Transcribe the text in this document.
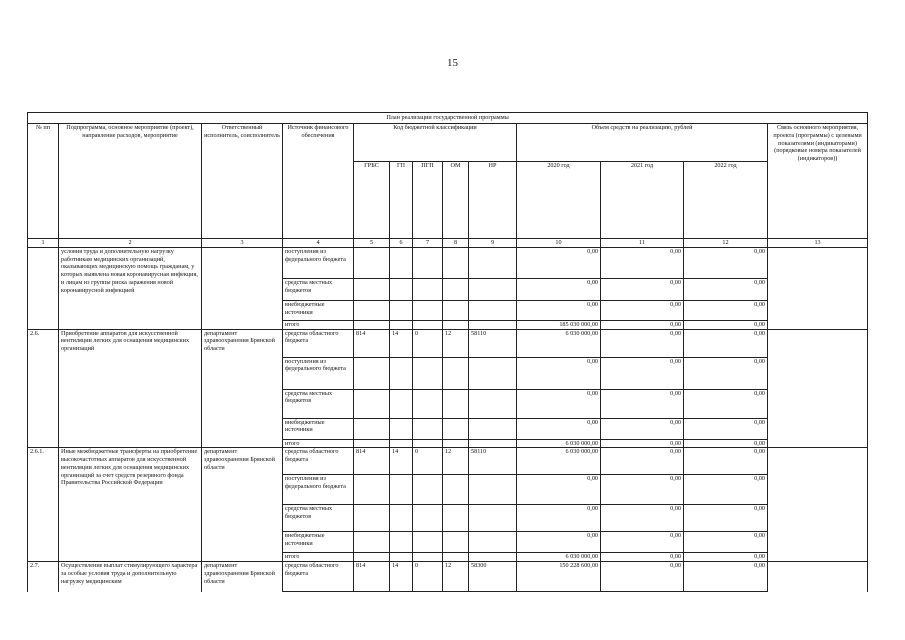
15
План реализации государственной программы												
№ пп	Подпрограмма, основное мероприятие (проект), направление расходов, мероприятие	Ответственный исполнитель, соисполнитель	Источник финансового обеспечения	Код бюджетной классификации					Объем средств на реализацию, рублей			Связь основного мероприятия, проекта (программы) с целевыми показателями (индикаторами) (порядковые номера показателей (индикаторов))
				ГРБС	ГП	ПГП	ОМ	НР	2020 год	2021 год	2022 год	
1	2	3	4	5	6	7	8	9	10	11	12	13
	условия труда и дополнительную нагрузку работникам медицинских организаций, оказывающих медицинскую помощь гражданам, у которых выявлена новая коронавирусная инфекция, и лицам из группы риска заражения новой коронавирусной инфекцией		поступления из федерального бюджета						0,00	0,00	0,00	
			средства местных бюджетов						0,00	0,00	0,00	
			внебюджетные источники						0,00	0,00	0,00	
			итого						185 030 000,00	0,00	0,00	
2.6.	Приобретение аппаратов для искусственной вентиляции легких для оснащения медицинских организаций	департамент здравоохранения Брянской области	средства областного бюджета	814	14	0	12	58110	6 030 000,00	0,00	0,00	
			поступления из федерального бюджета						0,00	0,00	0,00	
			средства местных бюджетов						0,00	0,00	0,00	
			внебюджетные источники						0,00	0,00	0,00	
			итого						6 030 000,00	0,00	0,00	
2.6.1.	Иные межбюджетные трансферты на приобретение высокочастотных аппаратов для искусственной вентиляции легких для оснащения медицинских организаций за счет средств резервного фонда Правительства Российской Федерации	департамент здравоохранения Брянской области	средства областного бюджета	814	14	0	12	58110	6 030 000,00	0,00	0,00	
			поступления из федерального бюджета						0,00	0,00	0,00	
			средства местных бюджетов						0,00	0,00	0,00	
			внебюджетные источники						0,00	0,00	0,00	
			итого						6 030 000,00	0,00	0,00	
2.7.	Осуществление выплат стимулирующего характера за особые условия труда и дополнительную нагрузку медицинским	департамент здравоохранения Брянской области	средства областного бюджета	814	14	0	12	58300	150 228 600,00	0,00	0,00	
